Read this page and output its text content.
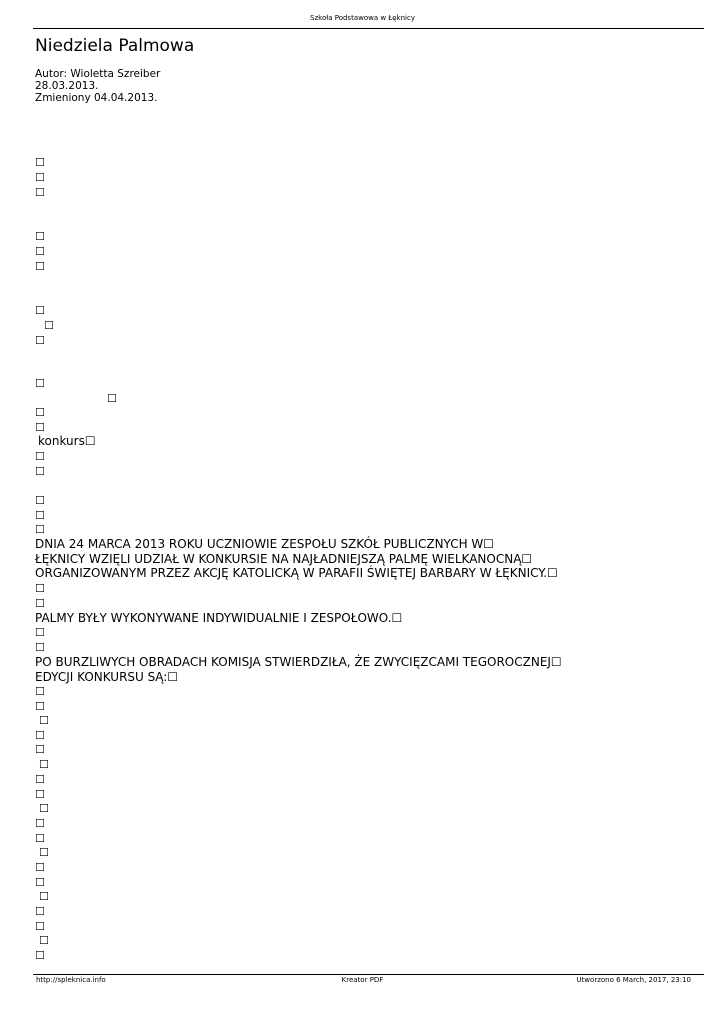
Szkoła Podstawowa w Łęknicy
Niedziela Palmowa
Autor: Wioletta Szreiber
28.03.2013.
Zmieniony 04.04.2013.
☐
☐
☐
☐
☐
☐
☐
☐
☐
☐
☐
☐
☐
konkurs☐
☐
☐
☐
☐
☐
DNIA 24 MARCA 2013 ROKU UCZNIOWIE ZESPOŁU SZKÓŁ PUBLICZNYCH W☐
ŁĘKNICY WZIĘLI UDZIAŁ W KONKURSIE NA NAJŁADNIEJSZĄ PALMĘ WIELKANOCNĄ☐
ORGANIZOWANYM PRZEZ AKCJĘ KATOLICKĄ W PARAFII ŚWIĘTEJ BARBARY W ŁĘKNICY.☐
☐
☐
PALMY BYŁY WYKONYWANE INDYWIDUALNIE I ZESPOŁOWO.☐
☐
☐
PO BURZLIWYCH OBRADACH KOMISJA STWIERDZIŁA, ŻE ZWYCIĘZCAMI TEGOROCZNEJ☐
EDYCJI KONKURSU SĄ:☐
☐
☐
☐
☐
☐
☐
☐
☐
☐
☐
☐
☐
☐
☐
☐
☐
☐
☐
☐
http://spleknica.info	Kreator PDF	Utworzono 6 March, 2017, 23:10
